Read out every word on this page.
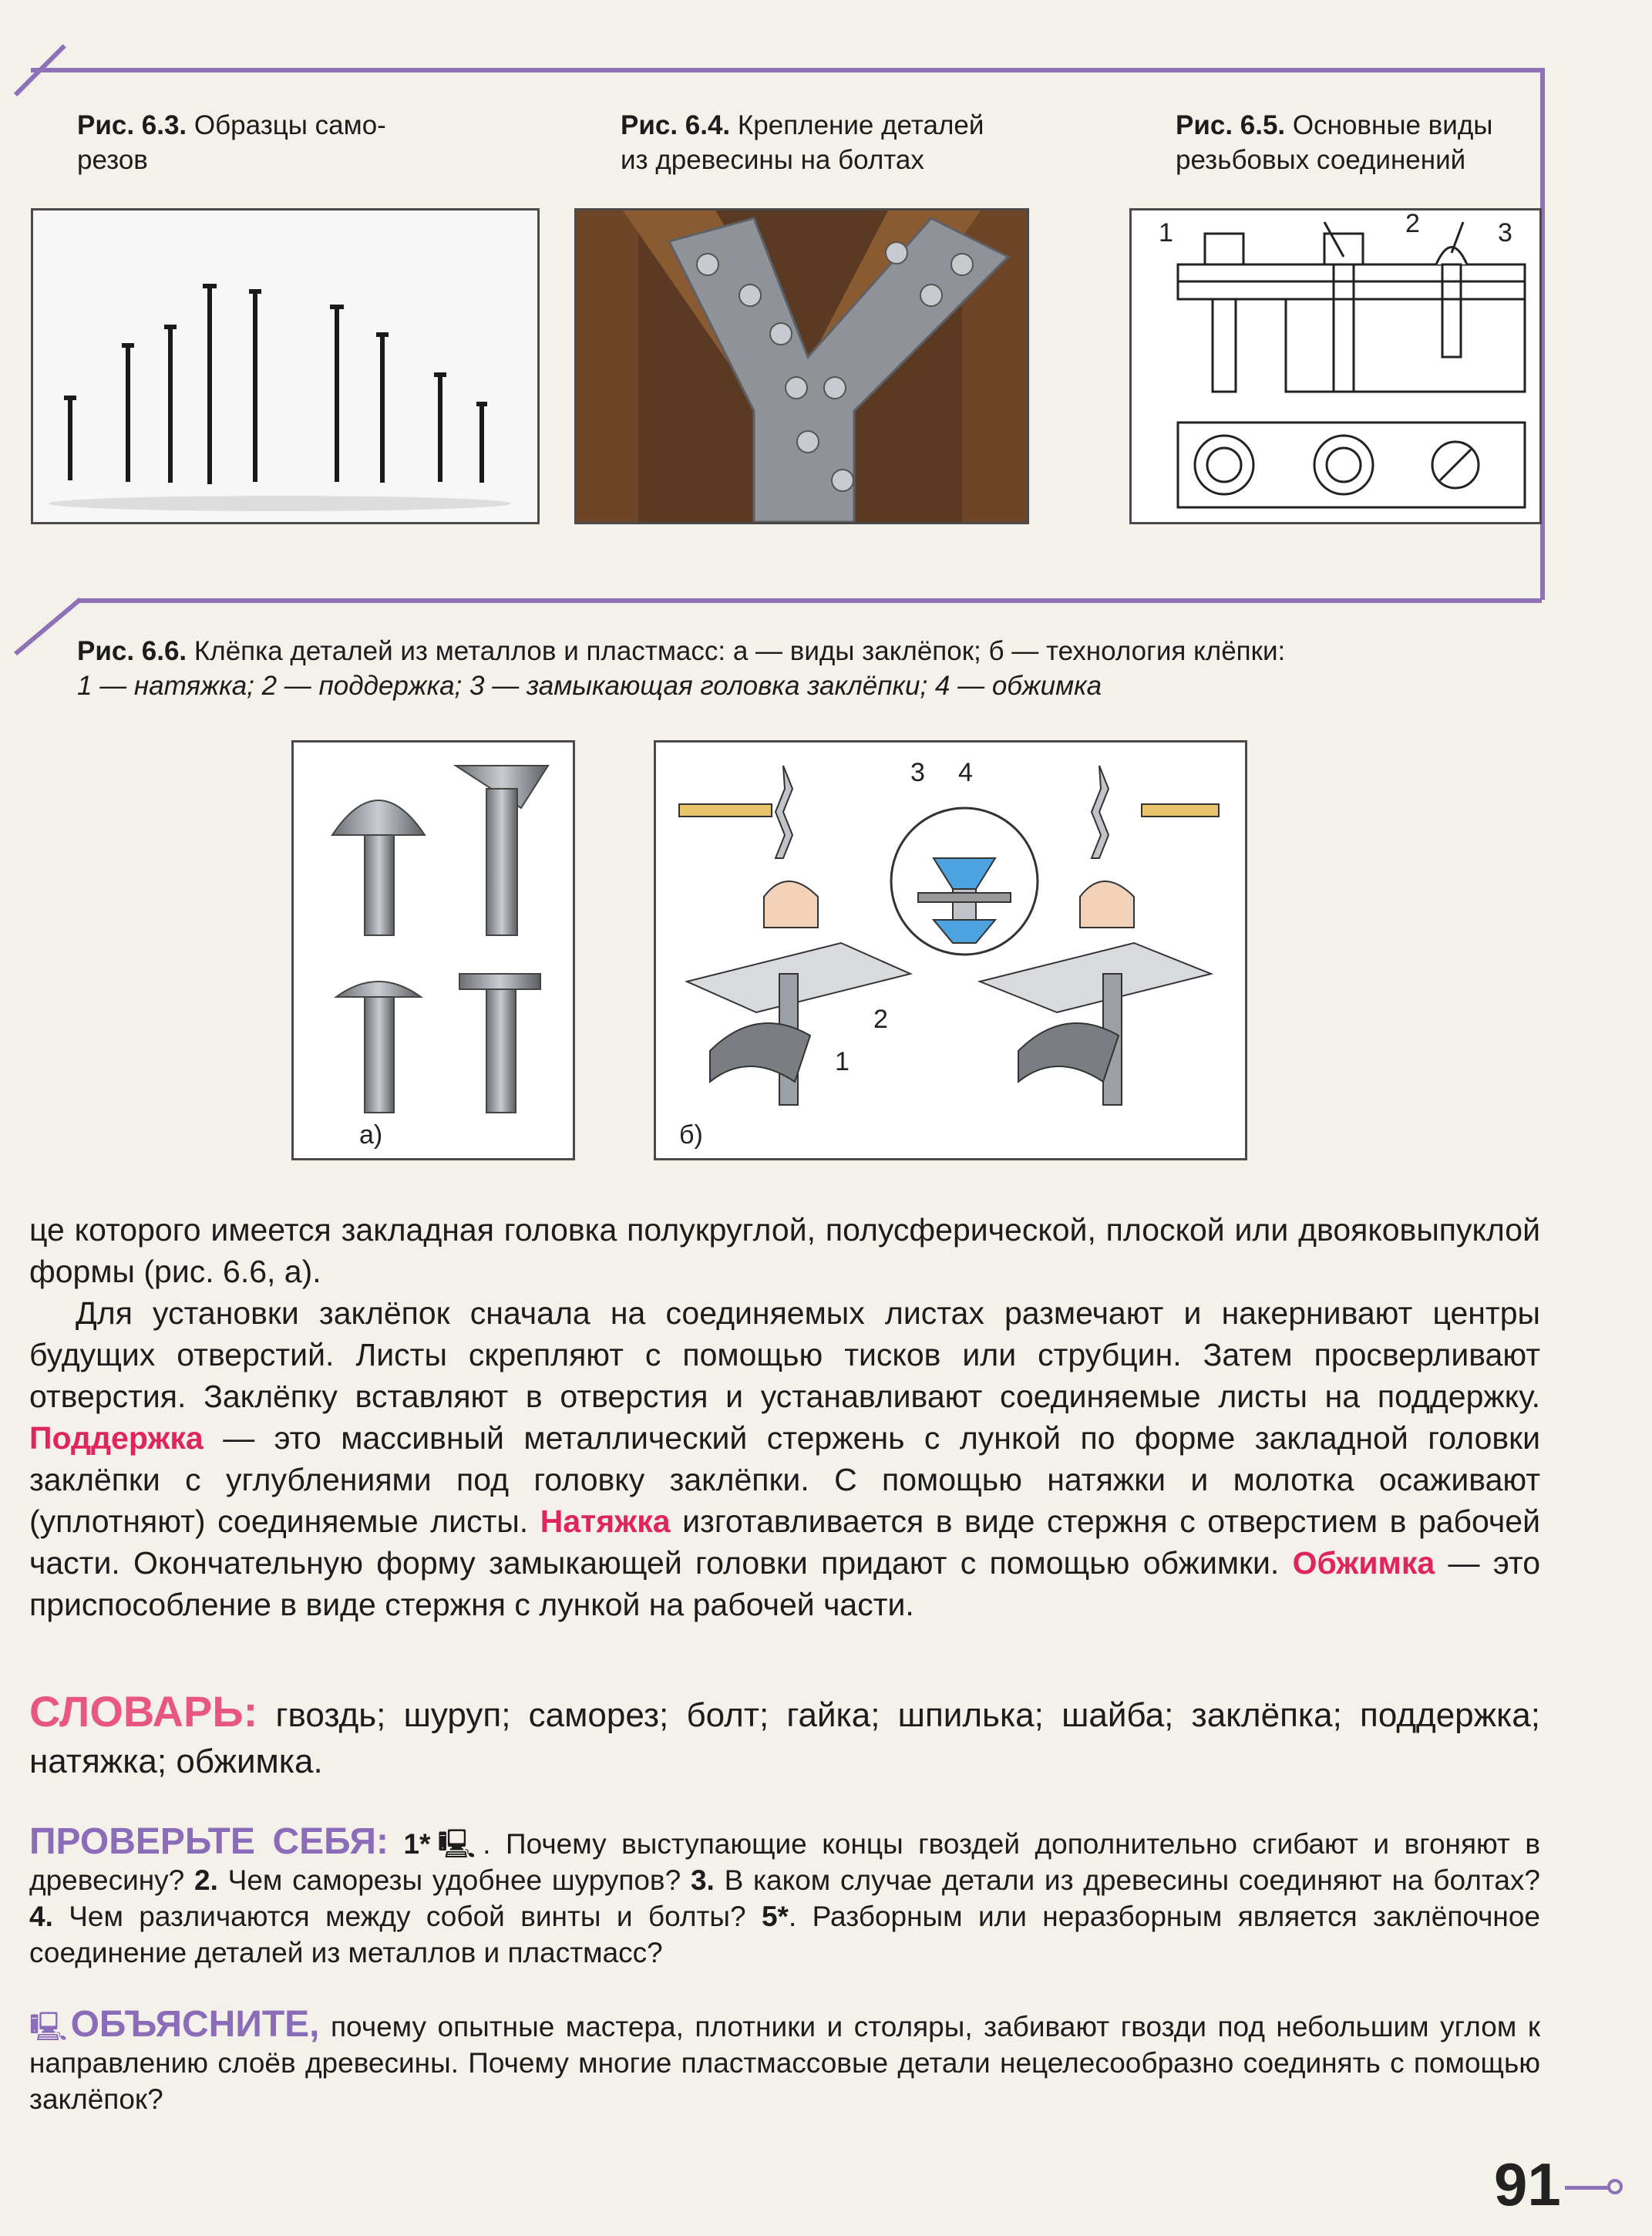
Рис. 6.3. Образцы само-
резов
Рис. 6.4. Крепление деталей
из древесины на болтах
Рис. 6.5. Основные виды
резьбовых соединений
1	2	3
Рис. 6.6. Клёпка деталей из металлов и пластмасс: а — виды заклёпок; б — технология клёпки:
1 — натяжка; 2 — поддержка; 3 — замыкающая головка заклёпки; 4 — обжимка
а)
3 4
2
1
б)
це которого имеется закладная головка полукруглой, полусферической, плоской или двояковыпуклой формы (рис. 6.6, а).
Для установки заклёпок сначала на соединяемых листах размечают и накернивают центры будущих отверстий. Листы скрепляют с помощью тисков или струбцин. Затем просверливают отверстия. Заклёпку вставляют в отверстия и устанавливают соединяемые листы на поддержку. Поддержка — это массивный металлический стержень с лункой по форме закладной головки заклёпки с углублениями под головку заклёпки. С помощью натяжки и молотка осаживают (уплотняют) соединяемые листы. Натяжка изготавливается в виде стержня с отверстием в рабочей части. Окончательную форму замыкающей головки придают с помощью обжимки. Обжимка — это приспособление в виде стержня с лункой на рабочей части.
СЛОВАРЬ: гвоздь; шуруп; саморез; болт; гайка; шпилька; шайба; заклёпка; поддержка; натяжка; обжимка.
ПРОВЕРЬТЕ СЕБЯ: 1*🖳. Почему выступающие концы гвоздей дополнительно сгибают и вгоняют в древесину? 2. Чем саморезы удобнее шурупов? 3. В каком случае детали из древесины соединяют на болтах? 4. Чем различаются между собой винты и болты? 5*. Разборным или неразборным является заклёпочное соединение деталей из металлов и пластмасс?
🖳ОБЪЯСНИТЕ, почему опытные мастера, плотники и столяры, забивают гвозди под небольшим углом к направлению слоёв древесины. Почему многие пластмассовые детали нецелесообразно соединять с помощью заклёпок?
91
